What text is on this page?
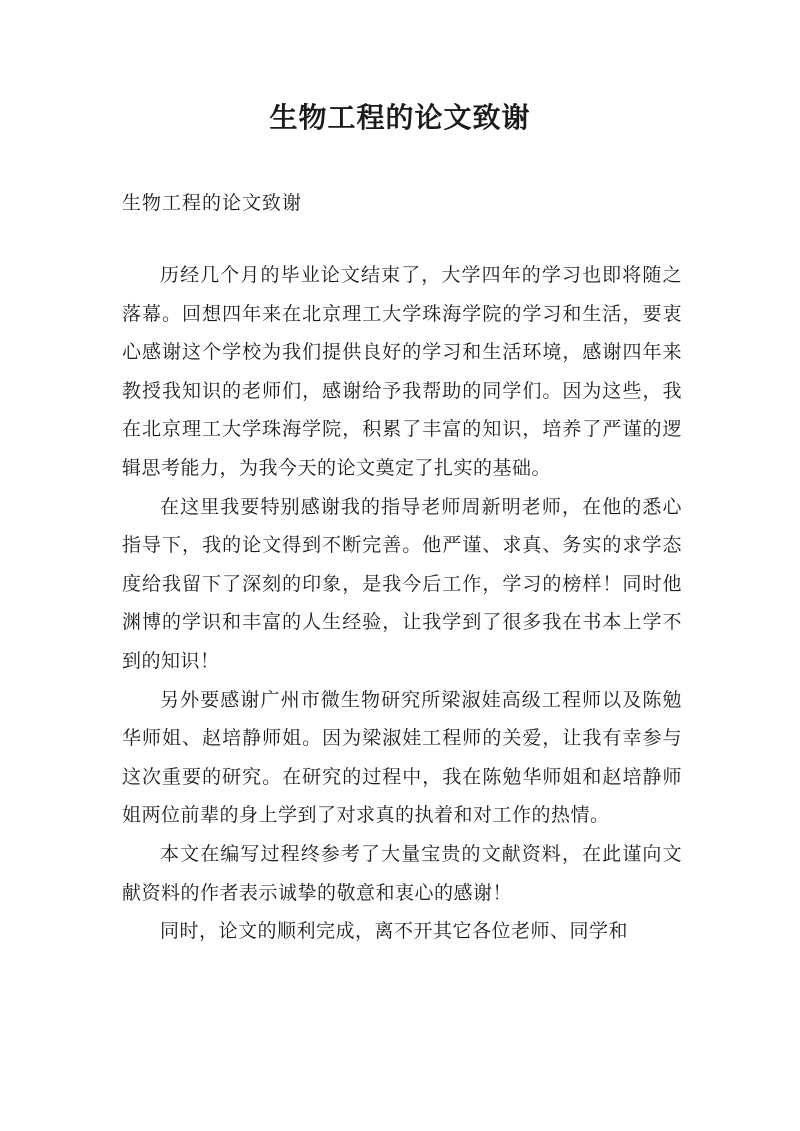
生物工程的论文致谢

生物工程的论文致谢

历经几个月的毕业论文结束了，大学四年的学习也即将随之落幕。回想四年来在北京理工大学珠海学院的学习和生活，要衷心感谢这个学校为我们提供良好的学习和生活环境，感谢四年来教授我知识的老师们，感谢给予我帮助的同学们。因为这些，我在北京理工大学珠海学院，积累了丰富的知识，培养了严谨的逻辑思考能力，为我今天的论文奠定了扎实的基础。

在这里我要特别感谢我的指导老师周新明老师，在他的悉心指导下，我的论文得到不断完善。他严谨、求真、务实的求学态度给我留下了深刻的印象，是我今后工作，学习的榜样！同时他渊博的学识和丰富的人生经验，让我学到了很多我在书本上学不到的知识！

另外要感谢广州市微生物研究所梁淑娃高级工程师以及陈勉华师姐、赵培静师姐。因为梁淑娃工程师的关爱，让我有幸参与这次重要的研究。在研究的过程中，我在陈勉华师姐和赵培静师姐两位前辈的身上学到了对求真的执着和对工作的热情。

本文在编写过程终参考了大量宝贵的文献资料，在此谨向文献资料的作者表示诚挚的敬意和衷心的感谢！

同时，论文的顺利完成，离不开其它各位老师、同学和
